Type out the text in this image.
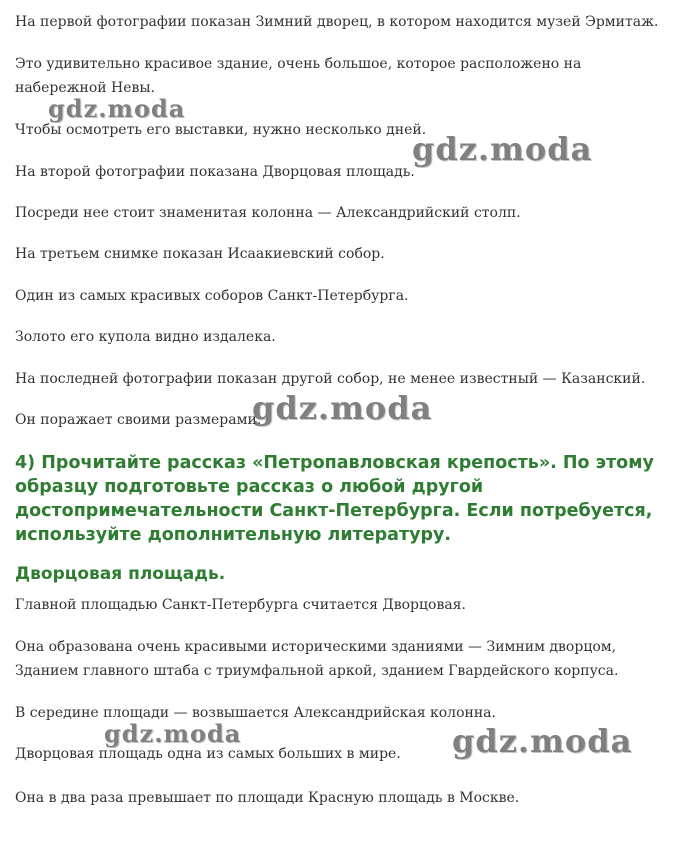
На первой фотографии показан Зимний дворец, в котором находится музей Эрмитаж.

Это удивительно красивое здание, очень большое, которое расположено на набережной Невы.

Чтобы осмотреть его выставки, нужно несколько дней.

На второй фотографии показана Дворцовая площадь.

Посреди нее стоит знаменитая колонна — Александрийский столп.

На третьем снимке показан Исаакиевский собор.

Один из самых красивых соборов Санкт-Петербурга.

Золото его купола видно издалека.

На последней фотографии показан другой собор, не менее известный — Казанский.

Он поражает своими размерами.

4) Прочитайте рассказ «Петропавловская крепость». По этому образцу подготовьте рассказ о любой другой достопримечательности Санкт-Петербурга. Если потребуется, используйте дополнительную литературу.
Дворцовая площадь.

Главной площадью Санкт-Петербурга считается Дворцовая.

Она образована очень красивыми историческими зданиями — Зимним дворцом, Зданием главного штаба с триумфальной аркой, зданием Гвардейского корпуса.

В середине площади — возвышается Александрийская колонна.

Дворцовая площадь одна из самых больших в мире.

Она в два раза превышает по площади Красную площадь в Москве.

gdz.moda
gdz.moda
gdz.moda
gdz.moda	gdz.moda
